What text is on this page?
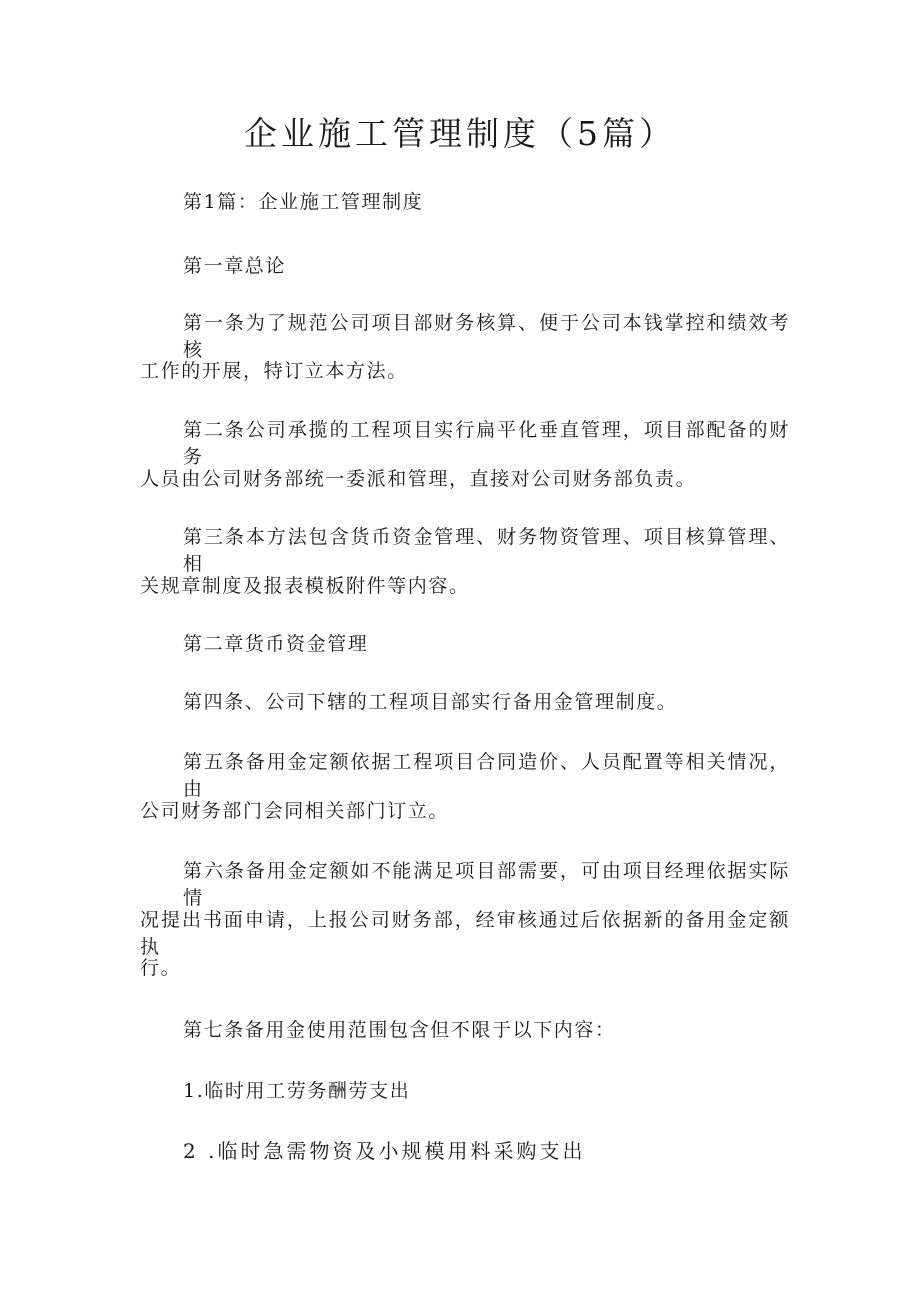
企业施工管理制度（5篇）
第1篇：企业施工管理制度
第一章总论
第一条为了规范公司项目部财务核算、便于公司本钱掌控和绩效考核
工作的开展，特订立本方法。
第二条公司承揽的工程项目实行扁平化垂直管理，项目部配备的财务
人员由公司财务部统一委派和管理，直接对公司财务部负责。
第三条本方法包含货币资金管理、财务物资管理、项目核算管理、相
关规章制度及报表模板附件等内容。
第二章货币资金管理
第四条、公司下辖的工程项目部实行备用金管理制度。
第五条备用金定额依据工程项目合同造价、人员配置等相关情况，由
公司财务部门会同相关部门订立。
第六条备用金定额如不能满足项目部需要，可由项目经理依据实际情
况提出书面申请，上报公司财务部，经审核通过后依据新的备用金定额执
行。
第七条备用金使用范围包含但不限于以下内容：
1.临时用工劳务酬劳支出
2 .临时急需物资及小规模用料采购支出
